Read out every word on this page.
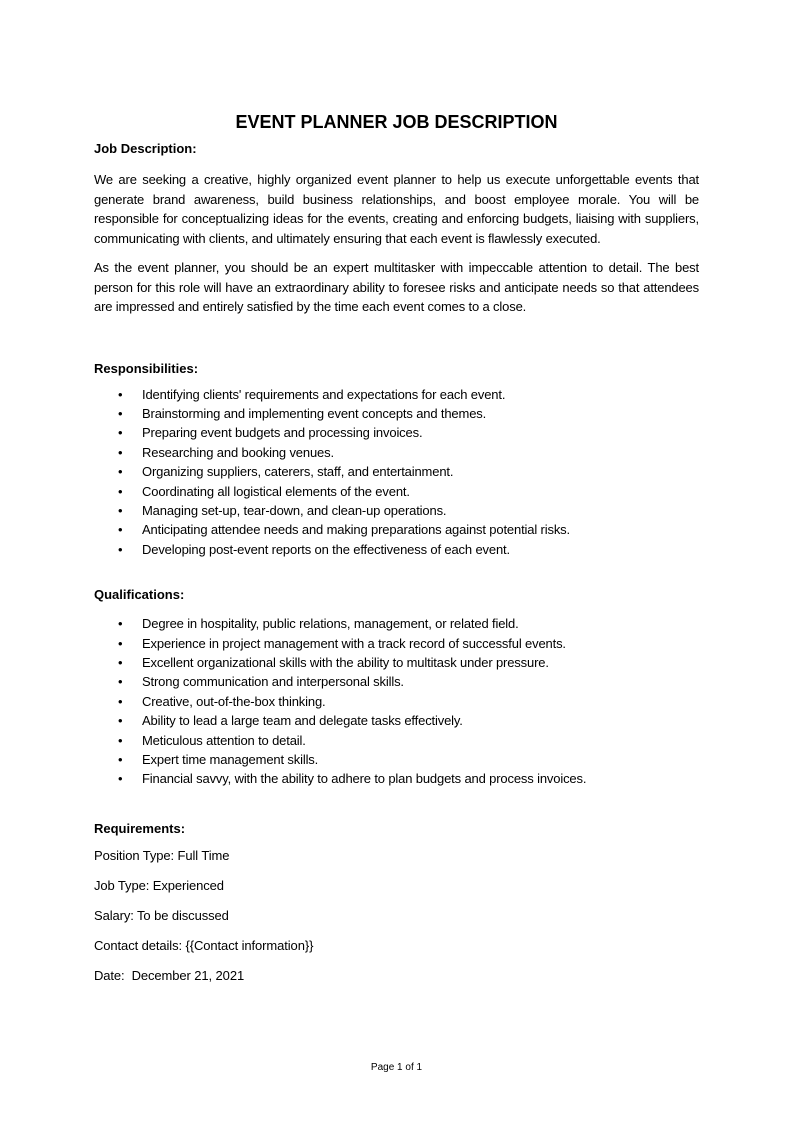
EVENT PLANNER JOB DESCRIPTION
Job Description:

We are seeking a creative, highly organized event planner to help us execute unforgettable events that generate brand awareness, build business relationships, and boost employee morale. You will be responsible for conceptualizing ideas for the events, creating and enforcing budgets, liaising with suppliers, communicating with clients, and ultimately ensuring that each event is flawlessly executed.

As the event planner, you should be an expert multitasker with impeccable attention to detail. The best person for this role will have an extraordinary ability to foresee risks and anticipate needs so that attendees are impressed and entirely satisfied by the time each event comes to a close.

Responsibilities:
• Identifying clients' requirements and expectations for each event.
• Brainstorming and implementing event concepts and themes.
• Preparing event budgets and processing invoices.
• Researching and booking venues.
• Organizing suppliers, caterers, staff, and entertainment.
• Coordinating all logistical elements of the event.
• Managing set-up, tear-down, and clean-up operations.
• Anticipating attendee needs and making preparations against potential risks.
• Developing post-event reports on the effectiveness of each event.
Qualifications:
• Degree in hospitality, public relations, management, or related field.
• Experience in project management with a track record of successful events.
• Excellent organizational skills with the ability to multitask under pressure.
• Strong communication and interpersonal skills.
• Creative, out-of-the-box thinking.
• Ability to lead a large team and delegate tasks effectively.
• Meticulous attention to detail.
• Expert time management skills.
• Financial savvy, with the ability to adhere to plan budgets and process invoices.
Requirements:
Position Type: Full Time
Job Type: Experienced
Salary: To be discussed
Contact details: {{Contact information}}
Date:  December 21, 2021
Page 1 of 1
